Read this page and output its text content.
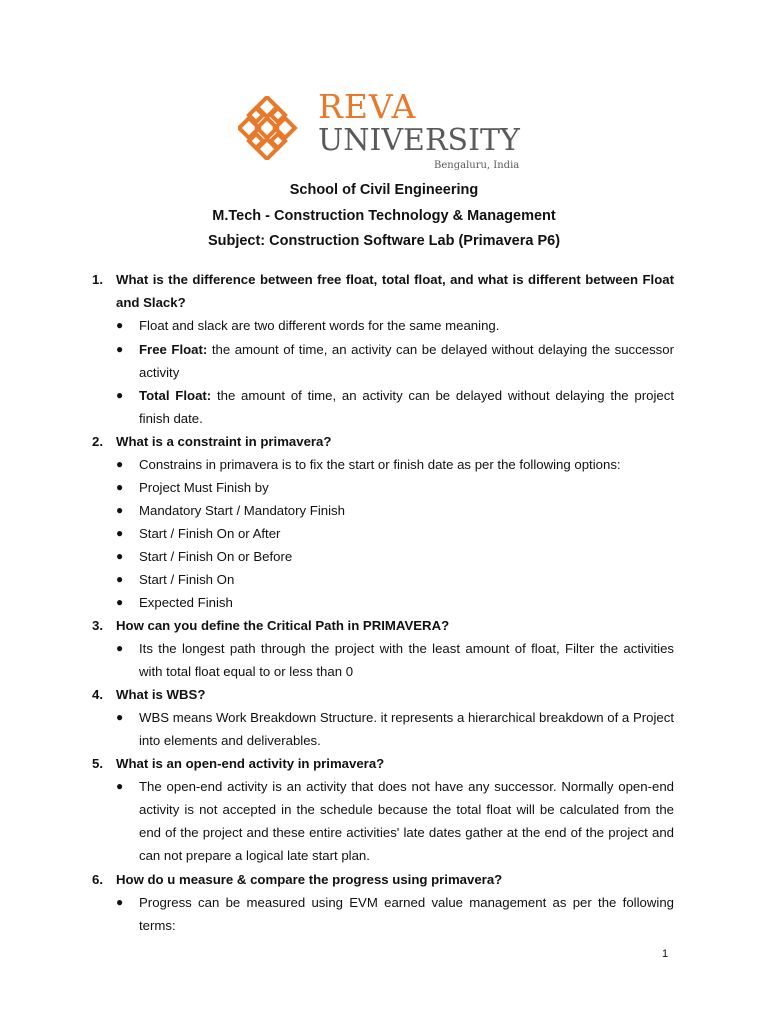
REVA
UNIVERSITY
Bengaluru, India
School of Civil Engineering
M.Tech - Construction Technology & Management
Subject: Construction Software Lab (Primavera P6)
1. What is the difference between free float, total float, and what is different between Float and Slack?
● Float and slack are two different words for the same meaning.
● Free Float: the amount of time, an activity can be delayed without delaying the successor activity
● Total Float: the amount of time, an activity can be delayed without delaying the project finish date.
2. What is a constraint in primavera?
● Constrains in primavera is to fix the start or finish date as per the following options:
● Project Must Finish by
● Mandatory Start / Mandatory Finish
● Start / Finish On or After
● Start / Finish On or Before
● Start / Finish On
● Expected Finish
3. How can you define the Critical Path in PRIMAVERA?
● Its the longest path through the project with the least amount of float, Filter the activities with total float equal to or less than 0
4. What is WBS?
● WBS means Work Breakdown Structure. it represents a hierarchical breakdown of a Project into elements and deliverables.
5. What is an open-end activity in primavera?
● The open-end activity is an activity that does not have any successor. Normally open-end activity is not accepted in the schedule because the total float will be calculated from the end of the project and these entire activities' late dates gather at the end of the project and can not prepare a logical late start plan.
6. How do u measure & compare the progress using primavera?
● Progress can be measured using EVM earned value management as per the following terms:
1
